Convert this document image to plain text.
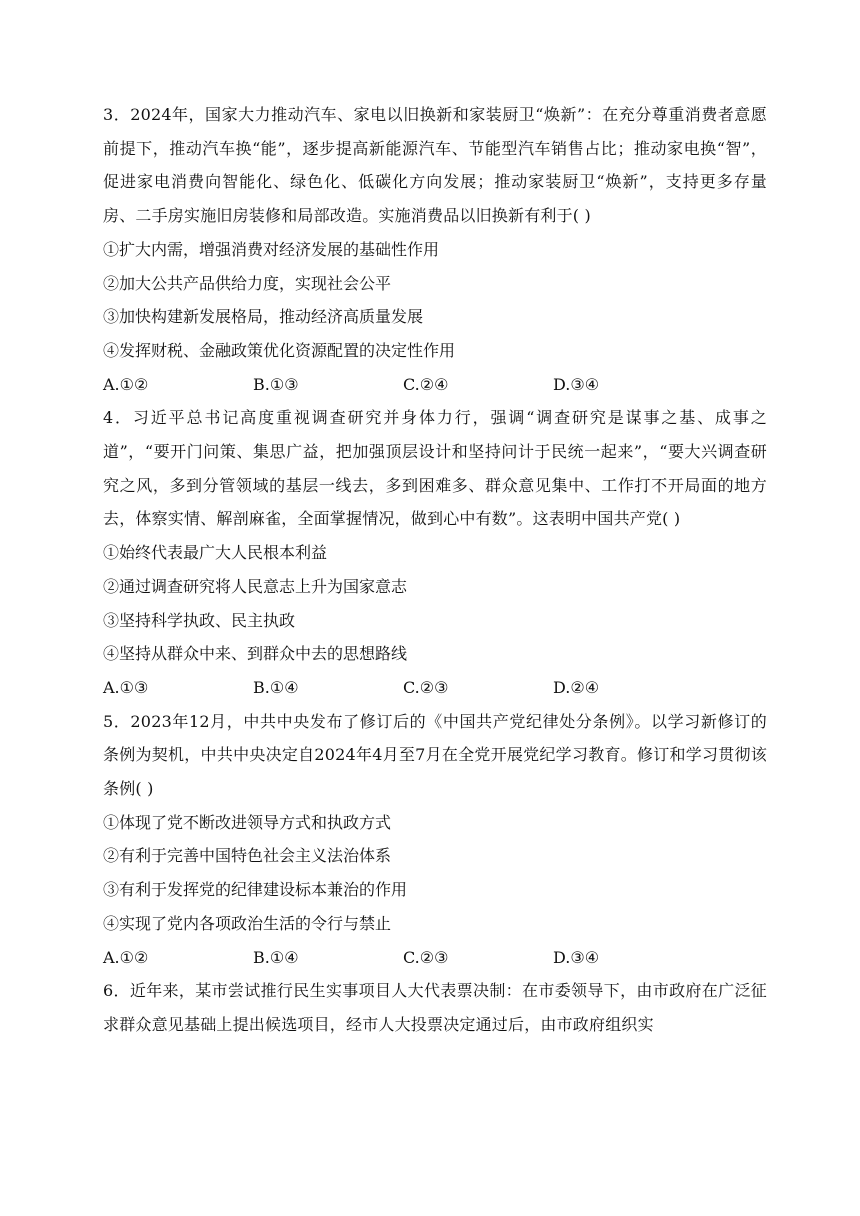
3．2024年，国家大力推动汽车、家电以旧换新和家装厨卫“焕新”：在充分尊重消费者意愿前提下，推动汽车换“能”，逐步提高新能源汽车、节能型汽车销售占比；推动家电换“智”，促进家电消费向智能化、绿色化、低碳化方向发展；推动家装厨卫“焕新”，支持更多存量房、二手房实施旧房装修和局部改造。实施消费品以旧换新有利于( )

①扩大内需，增强消费对经济发展的基础性作用

②加大公共产品供给力度，实现社会公平

③加快构建新发展格局，推动经济高质量发展

④发挥财税、金融政策优化资源配置的决定性作用

A.①②	B.①③	C.②④	D.③④

4．习近平总书记高度重视调查研究并身体力行，强调“调查研究是谋事之基、成事之道”，“要开门问策、集思广益，把加强顶层设计和坚持问计于民统一起来”，“要大兴调查研究之风，多到分管领域的基层一线去，多到困难多、群众意见集中、工作打不开局面的地方去，体察实情、解剖麻雀，全面掌握情况，做到心中有数”。这表明中国共产党( )

①始终代表最广大人民根本利益

②通过调查研究将人民意志上升为国家意志

③坚持科学执政、民主执政

④坚持从群众中来、到群众中去的思想路线

A.①③	B.①④	C.②③	D.②④

5．2023年12月，中共中央发布了修订后的《中国共产党纪律处分条例》。以学习新修订的条例为契机，中共中央决定自2024年4月至7月在全党开展党纪学习教育。修订和学习贯彻该条例( )

①体现了党不断改进领导方式和执政方式

②有利于完善中国特色社会主义法治体系

③有利于发挥党的纪律建设标本兼治的作用

④实现了党内各项政治生活的令行与禁止

A.①②	B.①④	C.②③	D.③④

6．近年来，某市尝试推行民生实事项目人大代表票决制：在市委领导下，由市政府在广泛征求群众意见基础上提出候选项目，经市人大投票决定通过后，由市政府组织实
